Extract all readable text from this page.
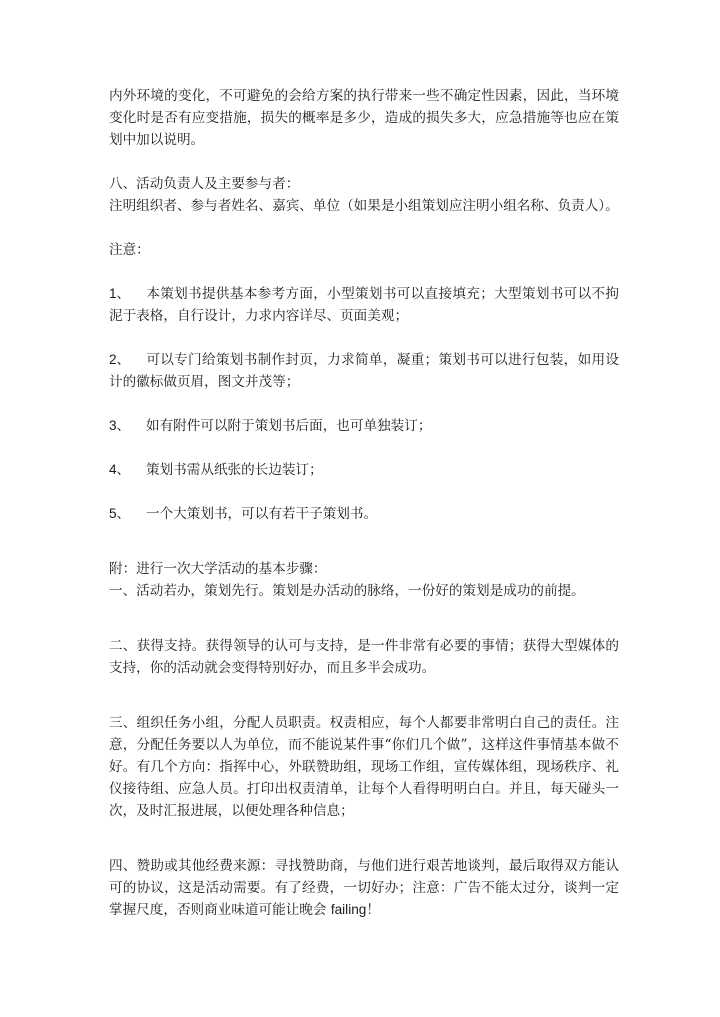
内外环境的变化，不可避免的会给方案的执行带来一些不确定性因素，因此，当环境变化时是否有应变措施，损失的概率是多少，造成的损失多大，应急措施等也应在策划中加以说明。

八、活动负责人及主要参与者：

注明组织者、参与者姓名、嘉宾、单位（如果是小组策划应注明小组名称、负责人）。

注意：

1、 本策划书提供基本参考方面，小型策划书可以直接填充；大型策划书可以不拘泥于表格，自行设计，力求内容详尽、页面美观；

2、 可以专门给策划书制作封页，力求简单，凝重；策划书可以进行包装，如用设计的徽标做页眉，图文并茂等；

3、 如有附件可以附于策划书后面，也可单独装订；

4、 策划书需从纸张的长边装订；

5、 一个大策划书，可以有若干子策划书。

附：进行一次大学活动的基本步骤：

一、活动若办，策划先行。策划是办活动的脉络，一份好的策划是成功的前提。

二、获得支持。获得领导的认可与支持，是一件非常有必要的事情；获得大型媒体的支持，你的活动就会变得特别好办，而且多半会成功。

三、组织任务小组，分配人员职责。权责相应，每个人都要非常明白自己的责任。注意，分配任务要以人为单位，而不能说某件事“你们几个做”，这样这件事情基本做不好。有几个方向：指挥中心，外联赞助组，现场工作组，宣传媒体组，现场秩序、礼仪接待组、应急人员。打印出权责清单，让每个人看得明明白白。并且，每天碰头一次，及时汇报进展，以便处理各种信息；

四、赞助或其他经费来源：寻找赞助商，与他们进行艰苦地谈判，最后取得双方能认可的协议，这是活动需要。有了经费，一切好办；注意：广告不能太过分，谈判一定掌握尺度，否则商业味道可能让晚会 failing！
